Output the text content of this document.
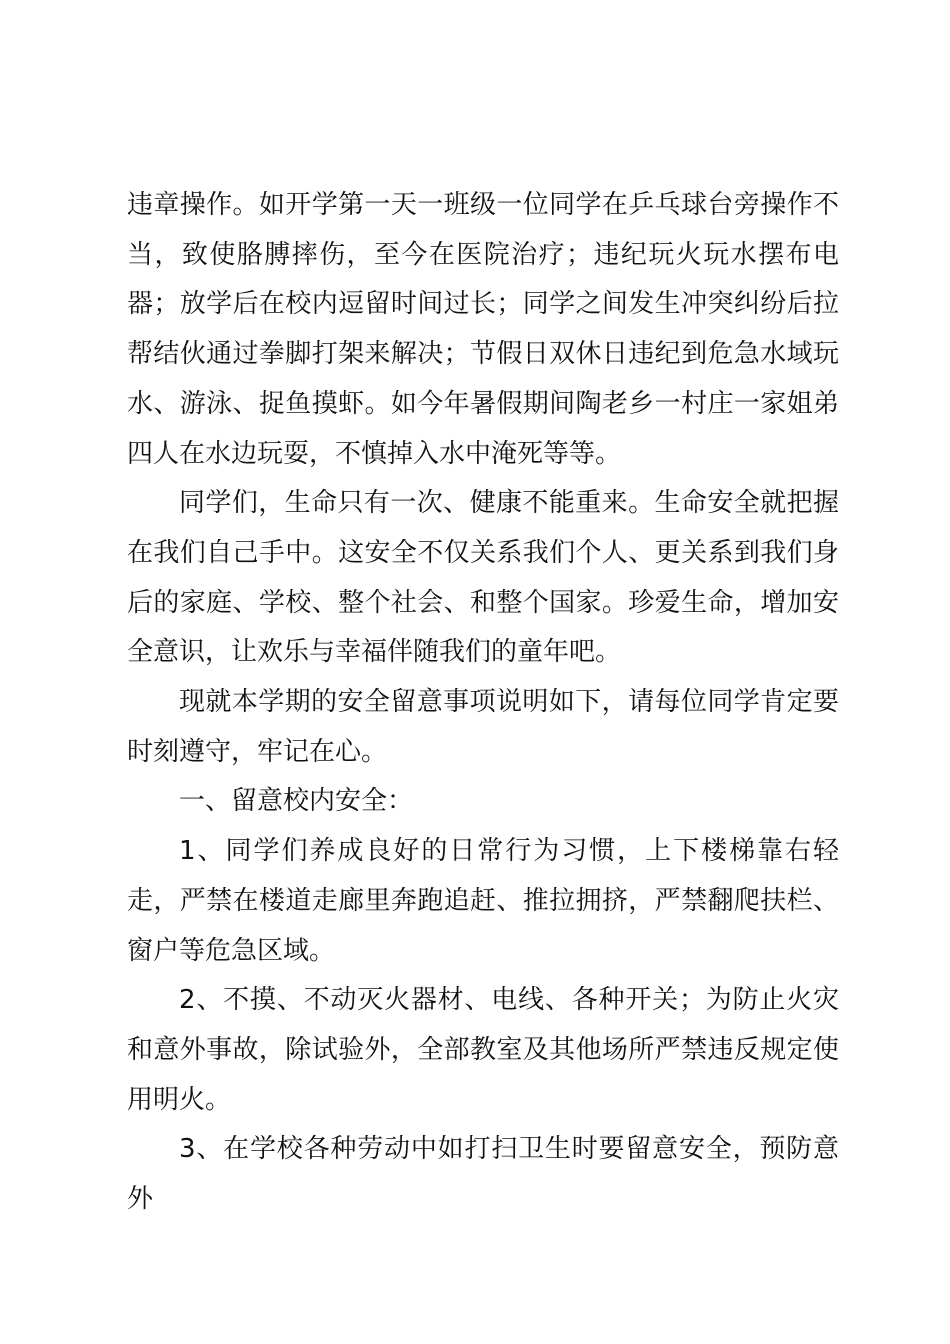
违章操作。如开学第一天一班级一位同学在乒乓球台旁操作不当，致使胳膊摔伤，至今在医院治疗；违纪玩火玩水摆布电器；放学后在校内逗留时间过长；同学之间发生冲突纠纷后拉帮结伙通过拳脚打架来解决；节假日双休日违纪到危急水域玩水、游泳、捉鱼摸虾。如今年暑假期间陶老乡一村庄一家姐弟四人在水边玩耍，不慎掉入水中淹死等等。

同学们，生命只有一次、健康不能重来。生命安全就把握在我们自己手中。这安全不仅关系我们个人、更关系到我们身后的家庭、学校、整个社会、和整个国家。珍爱生命，增加安全意识，让欢乐与幸福伴随我们的童年吧。

现就本学期的安全留意事项说明如下，请每位同学肯定要时刻遵守，牢记在心。

一、留意校内安全：

1、同学们养成良好的日常行为习惯，上下楼梯靠右轻走，严禁在楼道走廊里奔跑追赶、推拉拥挤，严禁翻爬扶栏、窗户等危急区域。

2、不摸、不动灭火器材、电线、各种开关；为防止火灾和意外事故，除试验外，全部教室及其他场所严禁违反规定使用明火。

3、在学校各种劳动中如打扫卫生时要留意安全，预防意外
